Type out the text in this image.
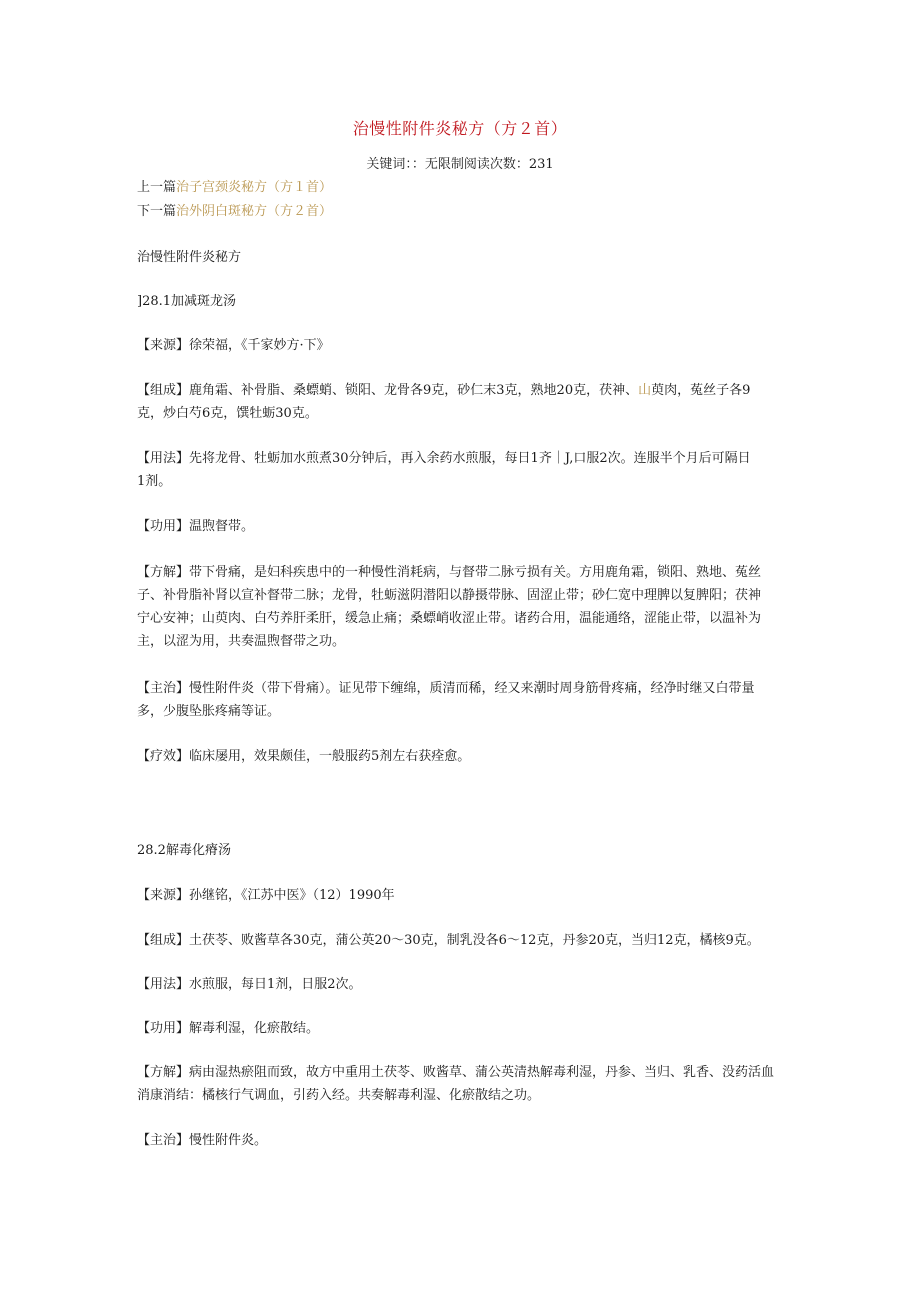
治慢性附件炎秘方（方２首）
关键词：：无限制阅读次数：231
上一篇治子宫颈炎秘方（方１首）
下一篇治外阴白斑秘方（方２首）
治慢性附件炎秘方
]28.1加减斑龙汤
【来源】徐荣福，《千家妙方·下》

【组成】鹿角霜、补骨脂、桑螵蛸、锁阳、龙骨各9克，砂仁末3克，熟地20克，茯神、山萸肉，菟丝子各9

克，炒白芍6克，馔牡蛎30克。

【用法】先将龙骨、牡蛎加水煎煮30分钟后，再入余药水煎服，每日1齐｜J,口服2次。连服半个月后可隔日

1剂。

【功用】温煦督带。

【方解】带下骨痛，是妇科疾患中的一种慢性消耗病，与督带二脉亏损有关。方用鹿角霜，锁阳、熟地、菟丝

子、补骨脂补肾以宣补督带二脉；龙骨，牡蛎滋阴潜阳以静摄带脉、固涩止带；砂仁宽中理脾以复脾阳；茯神

宁心安神；山萸肉、白芍养肝柔肝，缓急止痛；桑螵峭收涩止带。诸药合用，温能通络，涩能止带，以温补为

主，以涩为用，共奏温煦督带之功。

【主治】慢性附件炎（带下骨痛）。证见带下缠绵，质清而稀，经又来潮时周身筋骨疼痛，经净时继又白带量

多，少腹坠胀疼痛等证。

【疗效】临床屡用，效果颇佳，一般服药5剂左右获痊愈。
28.2解毒化瘠汤
【来源】孙继铭，《江苏中医》（12）1990年
【组成】土茯苓、败酱草各30克，蒲公英20～30克，制乳没各6～12克，丹参20克，当归12克，橘核9克。
【用法】水煎服，每日1剂，日服2次。
【功用】解毒利湿，化瘀散结。

【方解】病由湿热瘀阻而致，故方中重用土茯苓、败酱草、蒲公英清热解毒利湿，丹参、当归、乳香、没药活血

消康消结：橘核行气调血，引药入经。共奏解毒利湿、化瘀散结之功。

【主治】慢性附件炎。
